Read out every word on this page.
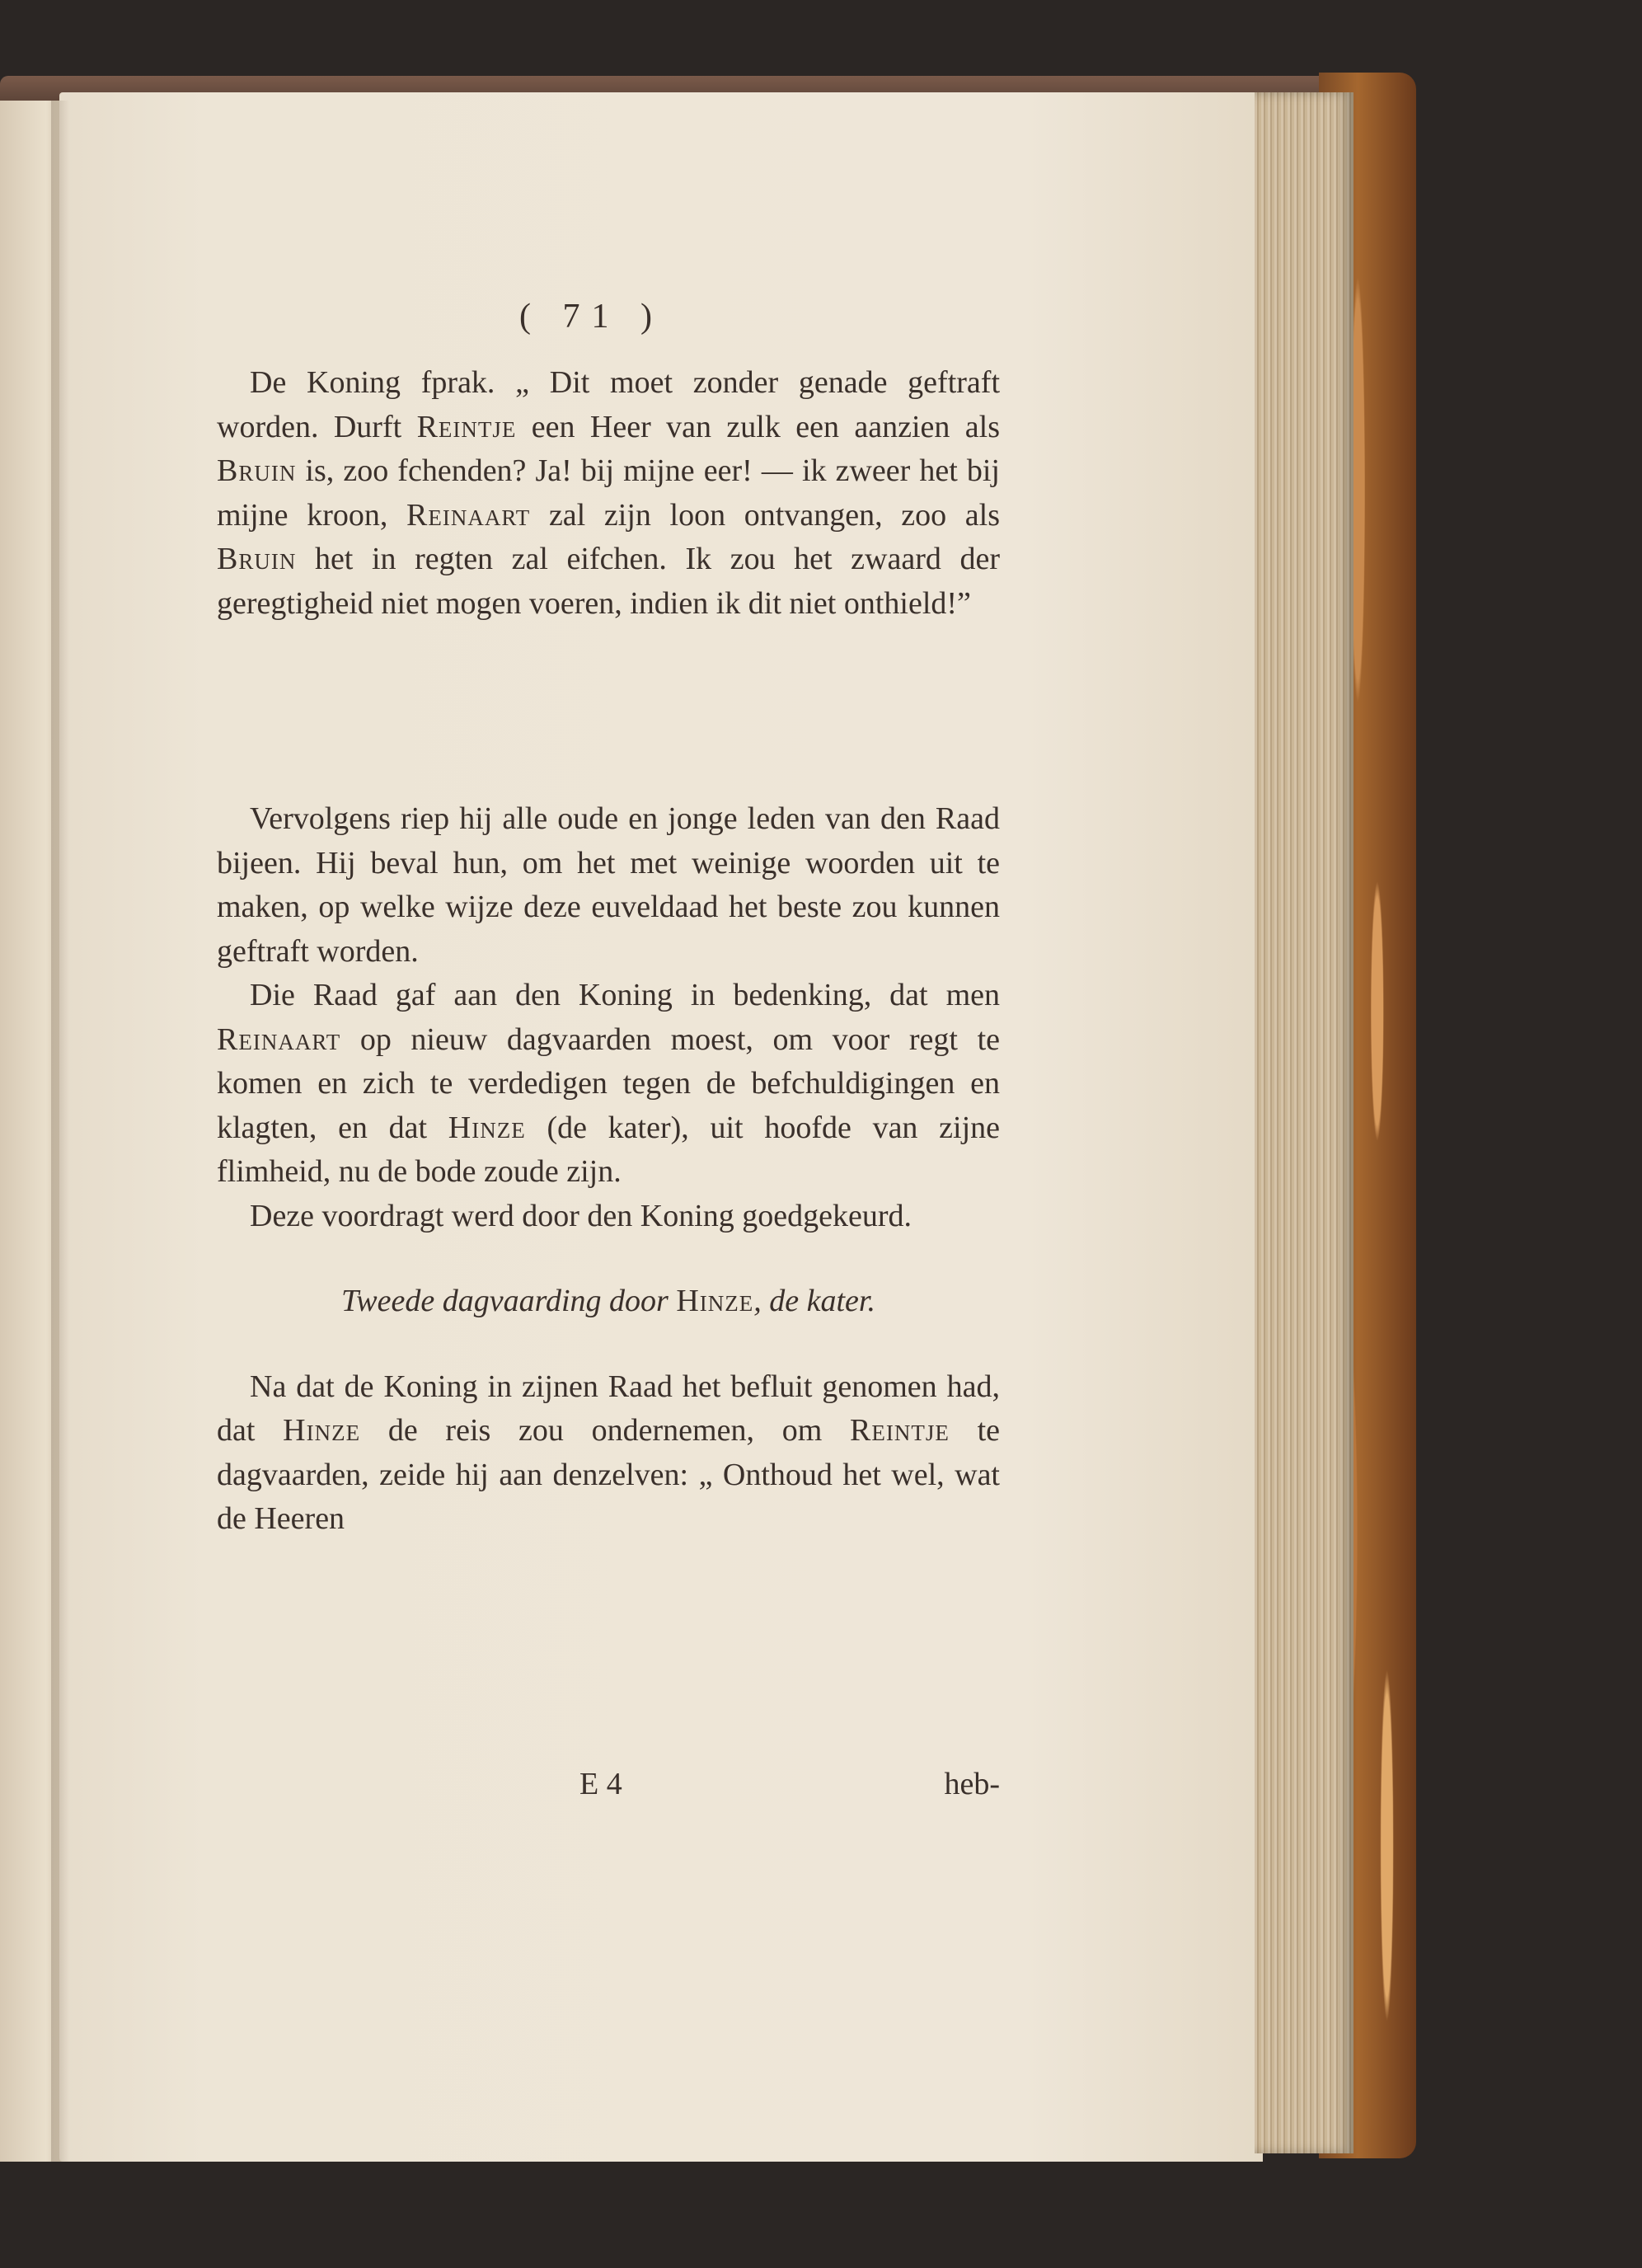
( 71 )

De Koning fprak. „ Dit moet zonder genade geftraft worden. Durft Reintje een Heer van zulk een aanzien als Bruin is, zoo fchenden? Ja! bij mijne eer! — ik zweer het bij mijne kroon, Reinaart zal zijn loon ontvangen, zoo als Bruin het in regten zal eifchen. Ik zou het zwaard der geregtigheid niet mogen voeren, indien ik dit niet onthield!”

Vervolgens riep hij alle oude en jonge leden van den Raad bijeen. Hij beval hun, om het met weinige woorden uit te maken, op welke wijze deze euveldaad het beste zou kunnen geftraft worden.

Die Raad gaf aan den Koning in bedenking, dat men Reinaart op nieuw dagvaarden moest, om voor regt te komen en zich te verdedigen tegen de befchuldigingen en klagten, en dat Hinze (de kater), uit hoofde van zijne flimheid, nu de bode zoude zijn.

Deze voordragt werd door den Koning goedgekeurd.

Tweede dagvaarding door Hinze, de kater.

Na dat de Koning in zijnen Raad het befluit genomen had, dat Hinze de reis zou ondernemen, om Reintje te dagvaarden, zeide hij aan denzelven: „ Onthoud het wel, wat de Heeren

E 4	heb-
